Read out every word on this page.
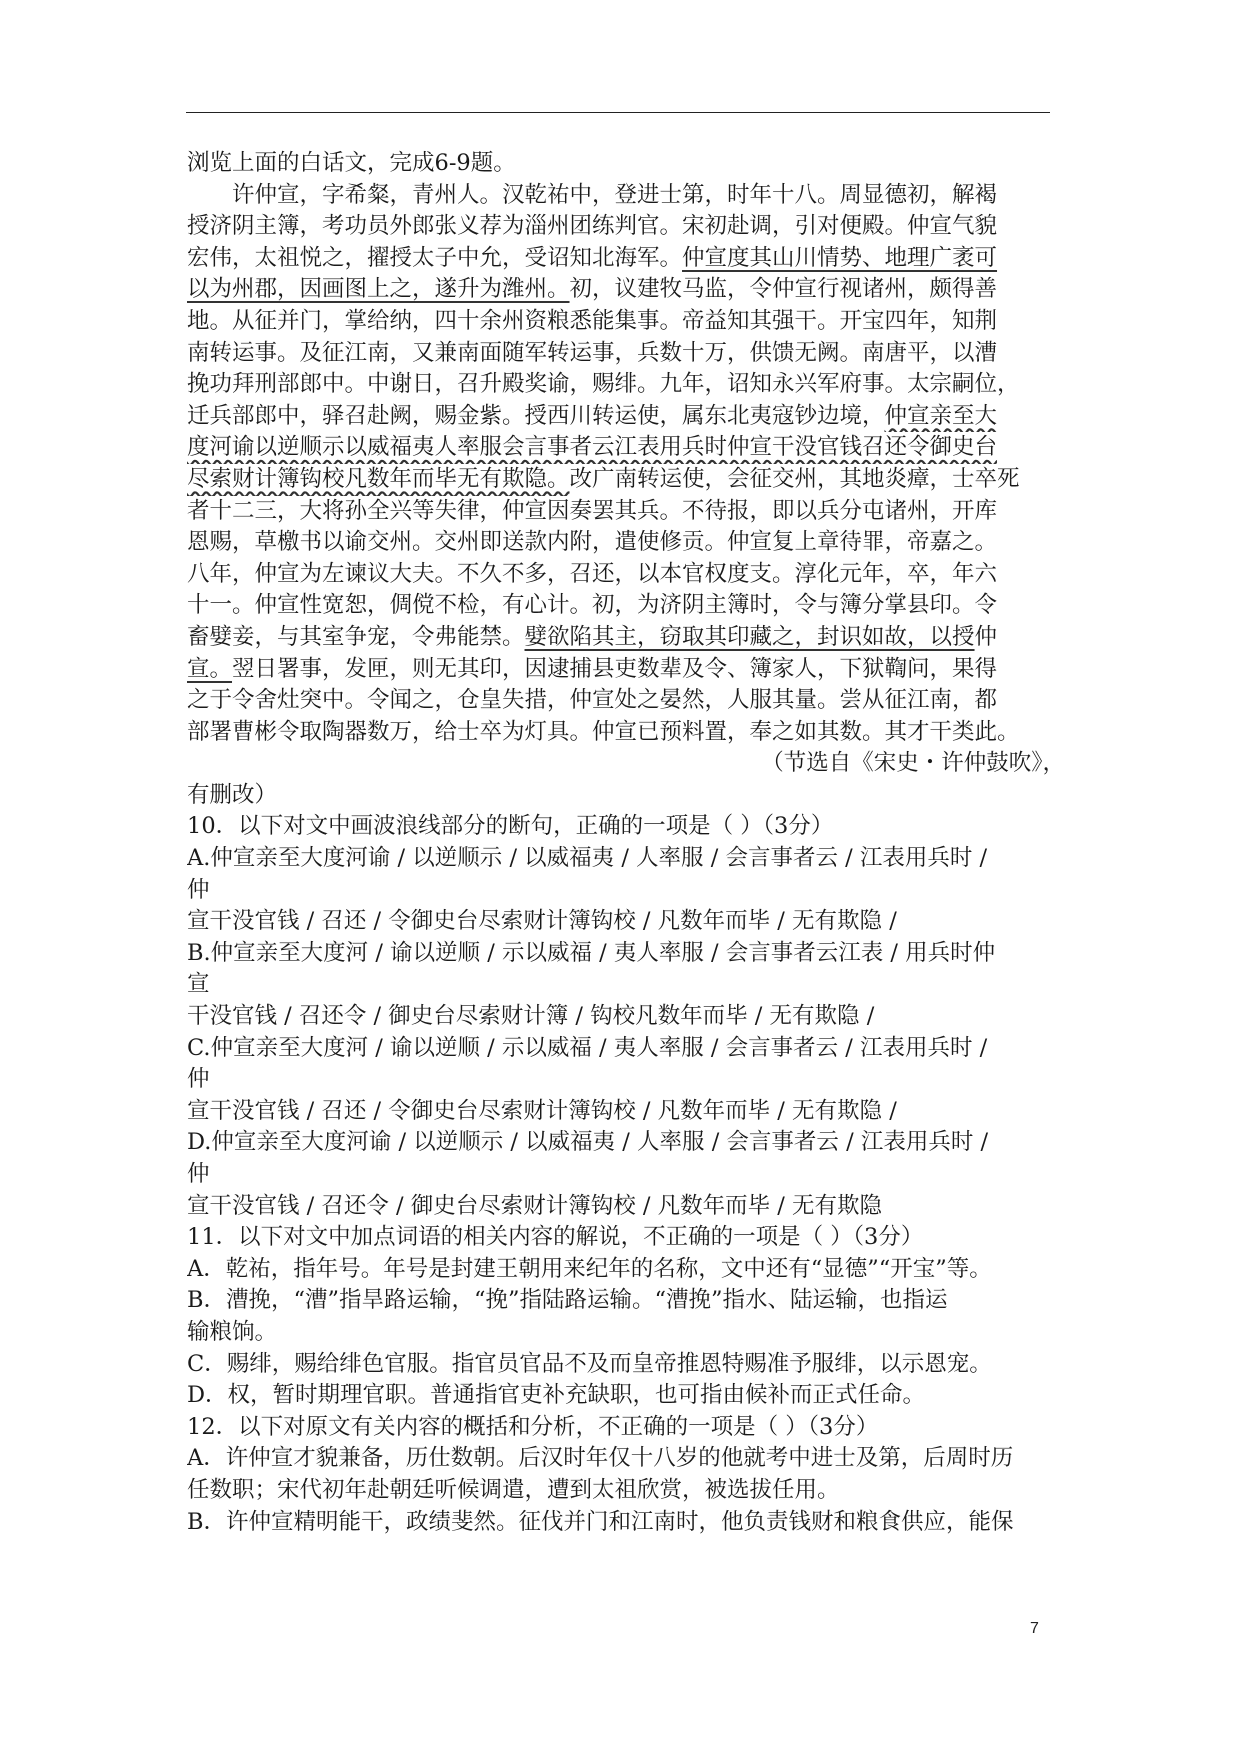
浏览上面的白话文，完成6-9题。
许仲宣，字希粲，青州人。汉乾祐中，登进士第，时年十八。周显德初，解褐
授济阴主簿，考功员外郎张义荐为淄州团练判官。宋初赴调，引对便殿。仲宣气貌
宏伟，太祖悦之，擢授太子中允，受诏知北海军。仲宣度其山川情势、地理广袤可
以为州郡，因画图上之，遂升为潍州。初，议建牧马监，令仲宣行视诸州，颇得善
地。从征并门，掌给纳，四十余州资粮悉能集事。帝益知其强干。开宝四年，知荆
南转运事。及征江南，又兼南面随军转运事，兵数十万，供馈无阙。南唐平，以漕
挽功拜刑部郎中。中谢日，召升殿奖谕，赐绯。九年，诏知永兴军府事。太宗嗣位，
迁兵部郎中，驿召赴阙，赐金紫。授西川转运使，属东北夷寇钞边境，仲宣亲至大
度河谕以逆顺示以威福夷人率服会言事者云江表用兵时仲宣干没官钱召还令御史台
尽索财计簿钩校凡数年而毕无有欺隐。改广南转运使，会征交州，其地炎瘴，士卒死
者十二三，大将孙全兴等失律，仲宣因奏罢其兵。不待报，即以兵分屯诸州，开库
恩赐，草檄书以谕交州。交州即送款内附，遣使修贡。仲宣复上章待罪，帝嘉之。
八年，仲宣为左谏议大夫。不久不多，召还，以本官权度支。淳化元年，卒，年六
十一。仲宣性宽恕，倜傥不检，有心计。初，为济阴主簿时，令与簿分掌县印。令
畜嬖妾，与其室争宠，令弗能禁。嬖欲陷其主，窃取其印藏之，封识如故，以授仲
宣。翌日署事，发匣，则无其印，因逮捕县吏数辈及令、簿家人，下狱鞫问，果得
之于令舍灶突中。令闻之，仓皇失措，仲宣处之晏然，人服其量。尝从征江南，都
部署曹彬令取陶器数万，给士卒为灯具。仲宣已预料置，奉之如其数。其才干类此。
（节选自《宋史・许仲鼓吹》，
有删改）
10．以下对文中画波浪线部分的断句，正确的一项是（ ）（3分）
A.仲宣亲至大度河谕 / 以逆顺示 / 以威福夷 / 人率服 / 会言事者云 / 江表用兵时 /
仲
宣干没官钱 / 召还 / 令御史台尽索财计簿钩校 / 凡数年而毕 / 无有欺隐 /
B.仲宣亲至大度河 / 谕以逆顺 / 示以威福 / 夷人率服 / 会言事者云江表 / 用兵时仲
宣
干没官钱 / 召还令 / 御史台尽索财计簿 / 钩校凡数年而毕 / 无有欺隐 /
C.仲宣亲至大度河 / 谕以逆顺 / 示以威福 / 夷人率服 / 会言事者云 / 江表用兵时 /
仲
宣干没官钱 / 召还 / 令御史台尽索财计簿钩校 / 凡数年而毕 / 无有欺隐 /
D.仲宣亲至大度河谕 / 以逆顺示 / 以威福夷 / 人率服 / 会言事者云 / 江表用兵时 /
仲
宣干没官钱 / 召还令 / 御史台尽索财计簿钩校 / 凡数年而毕 / 无有欺隐
11．以下对文中加点词语的相关内容的解说，不正确的一项是（ ）（3分）
A．乾祐，指年号。年号是封建王朝用来纪年的名称，文中还有“显德”“开宝”等。
B．漕挽，“漕”指旱路运输，“挽”指陆路运输。“漕挽”指水、陆运输，也指运
输粮饷。
C．赐绯，赐给绯色官服。指官员官品不及而皇帝推恩特赐准予服绯，以示恩宠。
D．权，暂时期理官职。普通指官吏补充缺职，也可指由候补而正式任命。
12．以下对原文有关内容的概括和分析，不正确的一项是（ ）（3分）
A．许仲宣才貌兼备，历仕数朝。后汉时年仅十八岁的他就考中进士及第，后周时历
任数职；宋代初年赴朝廷听候调遣，遭到太祖欣赏，被选拔任用。
B．许仲宣精明能干，政绩斐然。征伐并门和江南时，他负责钱财和粮食供应，能保
7
